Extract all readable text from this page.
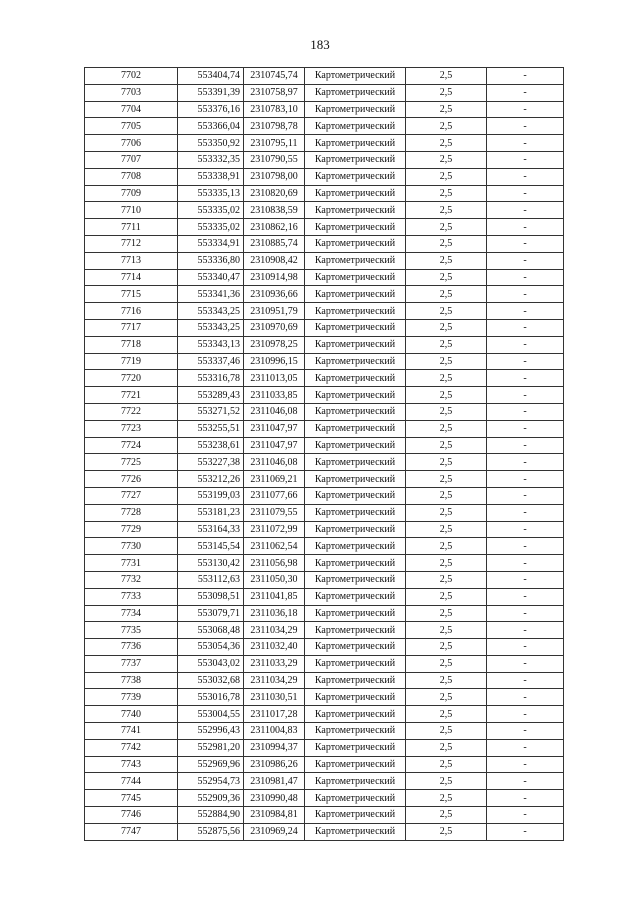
183
7702	553404,74	2310745,74	Картометрический	2,5	-
7703	553391,39	2310758,97	Картометрический	2,5	-
7704	553376,16	2310783,10	Картометрический	2,5	-
7705	553366,04	2310798,78	Картометрический	2,5	-
7706	553350,92	2310795,11	Картометрический	2,5	-
7707	553332,35	2310790,55	Картометрический	2,5	-
7708	553338,91	2310798,00	Картометрический	2,5	-
7709	553335,13	2310820,69	Картометрический	2,5	-
7710	553335,02	2310838,59	Картометрический	2,5	-
7711	553335,02	2310862,16	Картометрический	2,5	-
7712	553334,91	2310885,74	Картометрический	2,5	-
7713	553336,80	2310908,42	Картометрический	2,5	-
7714	553340,47	2310914,98	Картометрический	2,5	-
7715	553341,36	2310936,66	Картометрический	2,5	-
7716	553343,25	2310951,79	Картометрический	2,5	-
7717	553343,25	2310970,69	Картометрический	2,5	-
7718	553343,13	2310978,25	Картометрический	2,5	-
7719	553337,46	2310996,15	Картометрический	2,5	-
7720	553316,78	2311013,05	Картометрический	2,5	-
7721	553289,43	2311033,85	Картометрический	2,5	-
7722	553271,52	2311046,08	Картометрический	2,5	-
7723	553255,51	2311047,97	Картометрический	2,5	-
7724	553238,61	2311047,97	Картометрический	2,5	-
7725	553227,38	2311046,08	Картометрический	2,5	-
7726	553212,26	2311069,21	Картометрический	2,5	-
7727	553199,03	2311077,66	Картометрический	2,5	-
7728	553181,23	2311079,55	Картометрический	2,5	-
7729	553164,33	2311072,99	Картометрический	2,5	-
7730	553145,54	2311062,54	Картометрический	2,5	-
7731	553130,42	2311056,98	Картометрический	2,5	-
7732	553112,63	2311050,30	Картометрический	2,5	-
7733	553098,51	2311041,85	Картометрический	2,5	-
7734	553079,71	2311036,18	Картометрический	2,5	-
7735	553068,48	2311034,29	Картометрический	2,5	-
7736	553054,36	2311032,40	Картометрический	2,5	-
7737	553043,02	2311033,29	Картометрический	2,5	-
7738	553032,68	2311034,29	Картометрический	2,5	-
7739	553016,78	2311030,51	Картометрический	2,5	-
7740	553004,55	2311017,28	Картометрический	2,5	-
7741	552996,43	2311004,83	Картометрический	2,5	-
7742	552981,20	2310994,37	Картометрический	2,5	-
7743	552969,96	2310986,26	Картометрический	2,5	-
7744	552954,73	2310981,47	Картометрический	2,5	-
7745	552909,36	2310990,48	Картометрический	2,5	-
7746	552884,90	2310984,81	Картометрический	2,5	-
7747	552875,56	2310969,24	Картометрический	2,5	-
